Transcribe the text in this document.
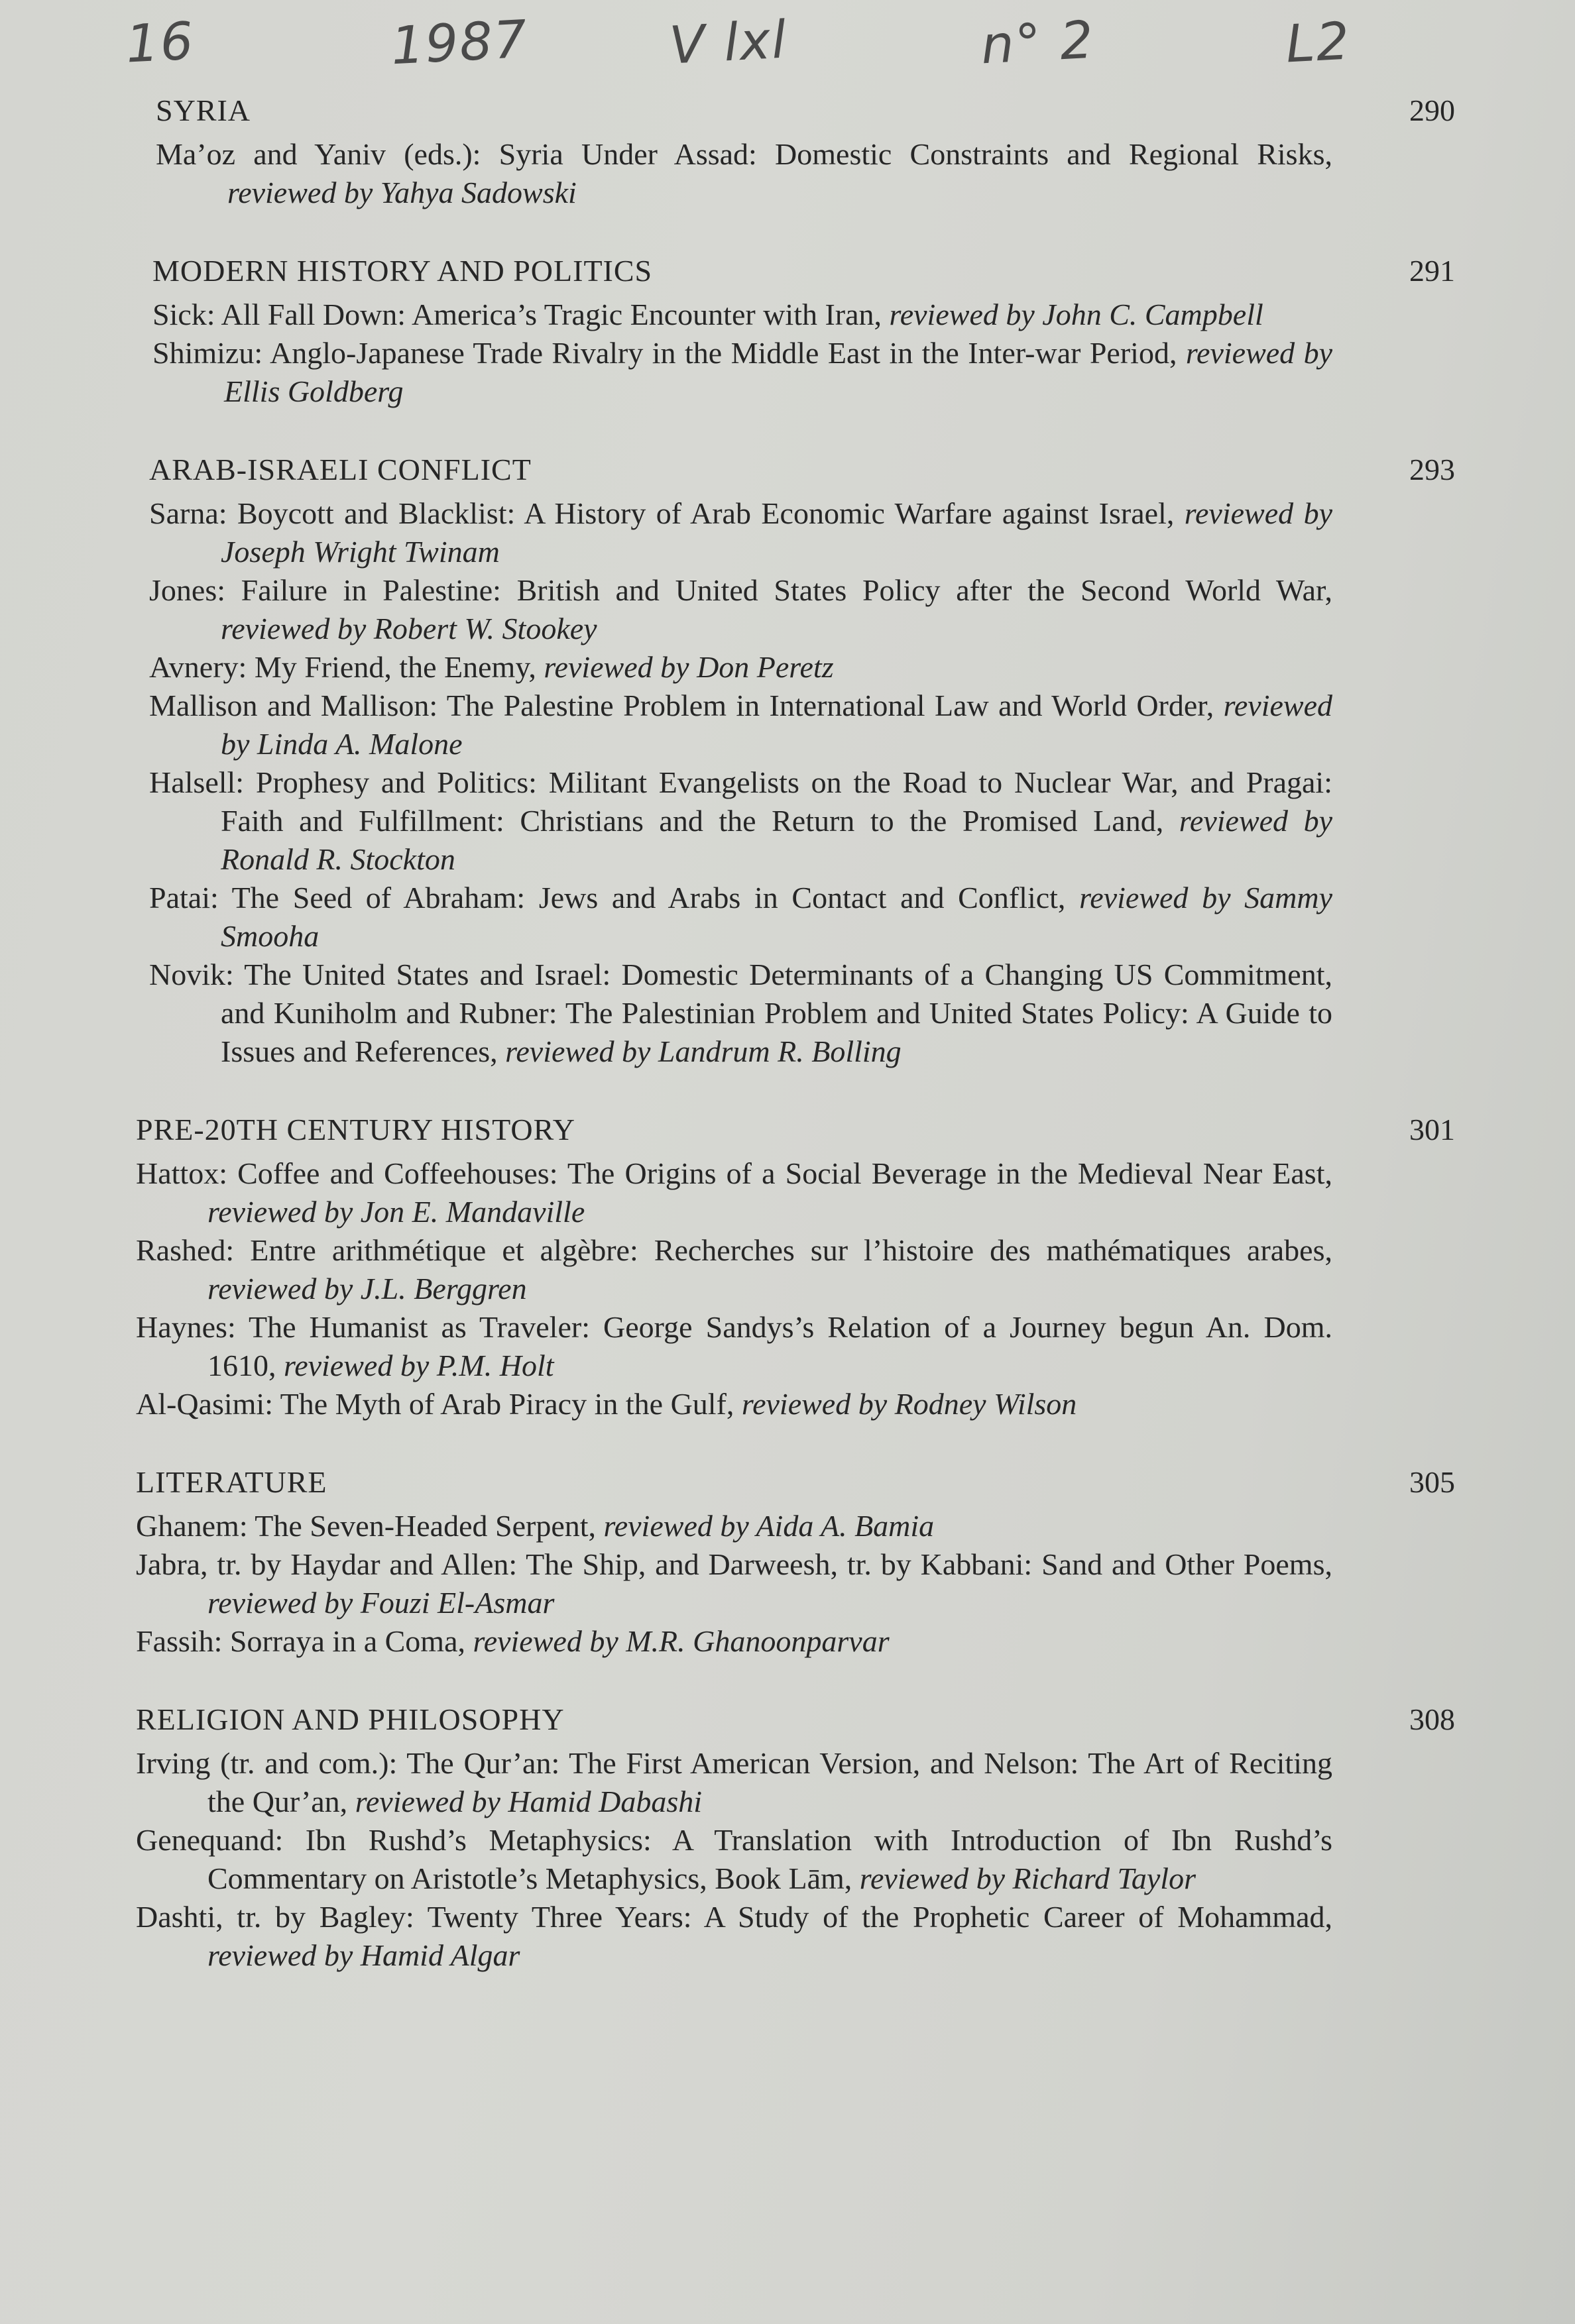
16	1987	V lxl	n° 2	L2
SYRIA	290

Ma’oz and Yaniv (eds.): Syria Under Assad: Domestic Constraints and Regional Risks, reviewed by Yahya Sadowski

MODERN HISTORY AND POLITICS	291

Sick: All Fall Down: America’s Tragic Encounter with Iran, reviewed by John C. Campbell

Shimizu: Anglo-Japanese Trade Rivalry in the Middle East in the Inter-war Period, reviewed by Ellis Goldberg

ARAB-ISRAELI CONFLICT	293

Sarna: Boycott and Blacklist: A History of Arab Economic Warfare against Israel, reviewed by Joseph Wright Twinam

Jones: Failure in Palestine: British and United States Policy after the Second World War, reviewed by Robert W. Stookey

Avnery: My Friend, the Enemy, reviewed by Don Peretz

Mallison and Mallison: The Palestine Problem in International Law and World Order, reviewed by Linda A. Malone

Halsell: Prophesy and Politics: Militant Evangelists on the Road to Nuclear War, and Pragai: Faith and Fulfillment: Christians and the Return to the Promised Land, reviewed by Ronald R. Stockton

Patai: The Seed of Abraham: Jews and Arabs in Contact and Conflict, reviewed by Sammy Smooha

Novik: The United States and Israel: Domestic Determinants of a Changing US Commitment, and Kuniholm and Rubner: The Palestinian Problem and United States Policy: A Guide to Issues and References, reviewed by Landrum R. Bolling

PRE-20TH CENTURY HISTORY	301

Hattox: Coffee and Coffeehouses: The Origins of a Social Beverage in the Medieval Near East, reviewed by Jon E. Mandaville

Rashed: Entre arithmétique et algèbre: Recherches sur l’histoire des mathématiques arabes, reviewed by J.L. Berggren

Haynes: The Humanist as Traveler: George Sandys’s Relation of a Journey begun An. Dom. 1610, reviewed by P.M. Holt

Al-Qasimi: The Myth of Arab Piracy in the Gulf, reviewed by Rodney Wilson

LITERATURE	305

Ghanem: The Seven-Headed Serpent, reviewed by Aida A. Bamia

Jabra, tr. by Haydar and Allen: The Ship, and Darweesh, tr. by Kabbani: Sand and Other Poems, reviewed by Fouzi El-Asmar

Fassih: Sorraya in a Coma, reviewed by M.R. Ghanoonparvar

RELIGION AND PHILOSOPHY	308

Irving (tr. and com.): The Qur’an: The First American Version, and Nelson: The Art of Reciting the Qur’an, reviewed by Hamid Dabashi

Genequand: Ibn Rushd’s Metaphysics: A Translation with Introduction of Ibn Rushd’s Commentary on Aristotle’s Metaphysics, Book Lām, reviewed by Richard Taylor

Dashti, tr. by Bagley: Twenty Three Years: A Study of the Prophetic Career of Mohammad, reviewed by Hamid Algar
